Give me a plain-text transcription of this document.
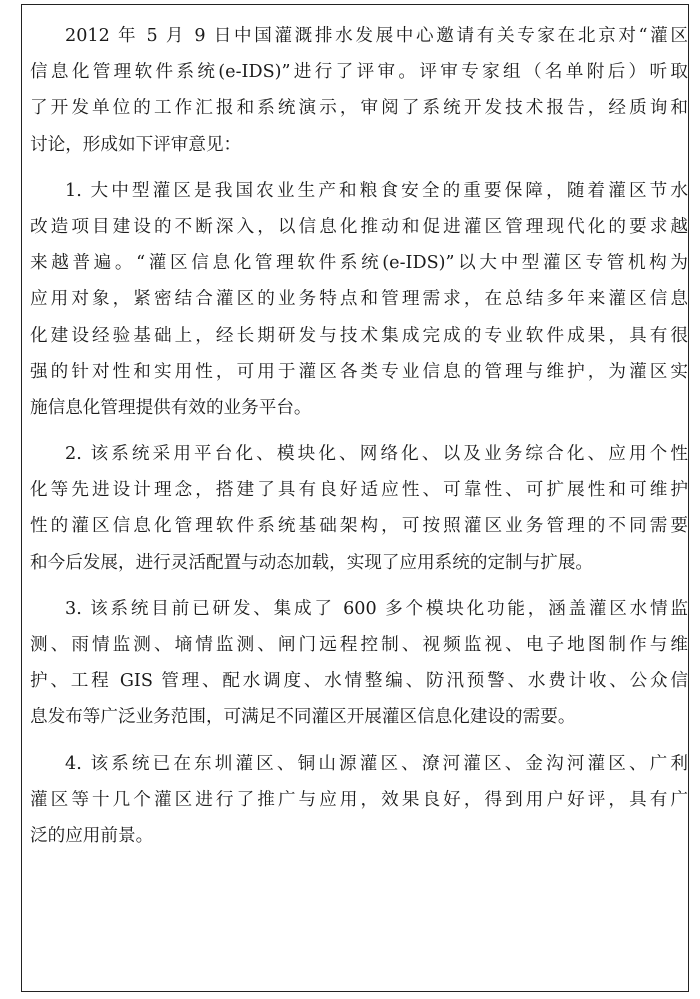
2012 年 5 月 9 日中国灌溉排水发展中心邀请有关专家在北京对“灌区
信息化管理软件系统(e-IDS)”进行了评审。评审专家组（名单附后）听取
了开发单位的工作汇报和系统演示，审阅了系统开发技术报告，经质询和
讨论，形成如下评审意见：
1. 大中型灌区是我国农业生产和粮食安全的重要保障，随着灌区节水
改造项目建设的不断深入，以信息化推动和促进灌区管理现代化的要求越
来越普遍。“灌区信息化管理软件系统(e-IDS)”以大中型灌区专管机构为
应用对象，紧密结合灌区的业务特点和管理需求，在总结多年来灌区信息
化建设经验基础上，经长期研发与技术集成完成的专业软件成果，具有很
强的针对性和实用性，可用于灌区各类专业信息的管理与维护，为灌区实
施信息化管理提供有效的业务平台。
2. 该系统采用平台化、模块化、网络化、以及业务综合化、应用个性
化等先进设计理念，搭建了具有良好适应性、可靠性、可扩展性和可维护
性的灌区信息化管理软件系统基础架构，可按照灌区业务管理的不同需要
和今后发展，进行灵活配置与动态加载，实现了应用系统的定制与扩展。
3. 该系统目前已研发、集成了 600 多个模块化功能，涵盖灌区水情监
测、雨情监测、墒情监测、闸门远程控制、视频监视、电子地图制作与维
护、工程 GIS 管理、配水调度、水情整编、防汛预警、水费计收、公众信
息发布等广泛业务范围，可满足不同灌区开展灌区信息化建设的需要。
4. 该系统已在东圳灌区、铜山源灌区、潦河灌区、金沟河灌区、广利
灌区等十几个灌区进行了推广与应用，效果良好，得到用户好评，具有广
泛的应用前景。
